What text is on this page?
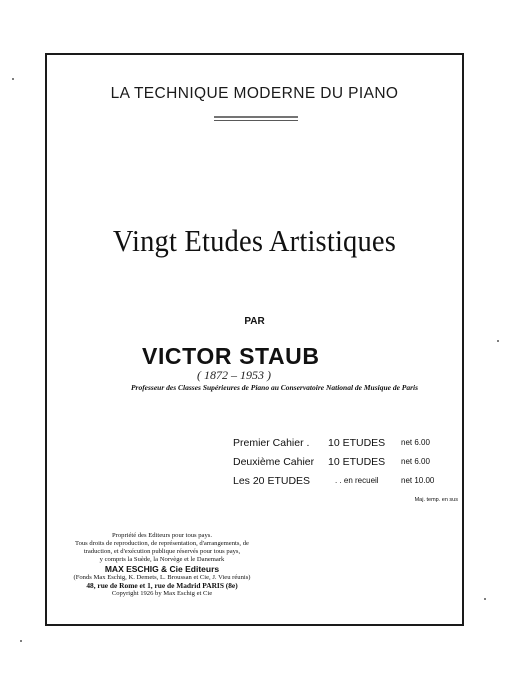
LA TECHNIQUE MODERNE DU PIANO
Vingt Etudes Artistiques
PAR
VICTOR STAUB
( 1872 – 1953 )
Professeur des Classes Supérieures de Piano au Conservatoire National de Musique de Paris
Premier Cahier . 10 ETUDES net 6.00
Deuxième Cahier 10 ETUDES net 6.00
Les 20 ETUDES	. . en recueil	net 10.00
Maj. temp. en sus
Propriété des Editeurs pour tous pays.
Tous droits de reproduction, de représentation, d'arrangements, de
traduction, et d'exécution publique réservés pour tous pays,
y compris la Suède, la Norvège et le Danemark
MAX ESCHIG & Cie Editeurs
(Fonds Max Eschig, K. Demets, L. Broussan et Cie, J. Vieu réunis)
48, rue de Rome et 1, rue de Madrid PARIS (8e)
Copyright 1926 by Max Eschig et Cie
